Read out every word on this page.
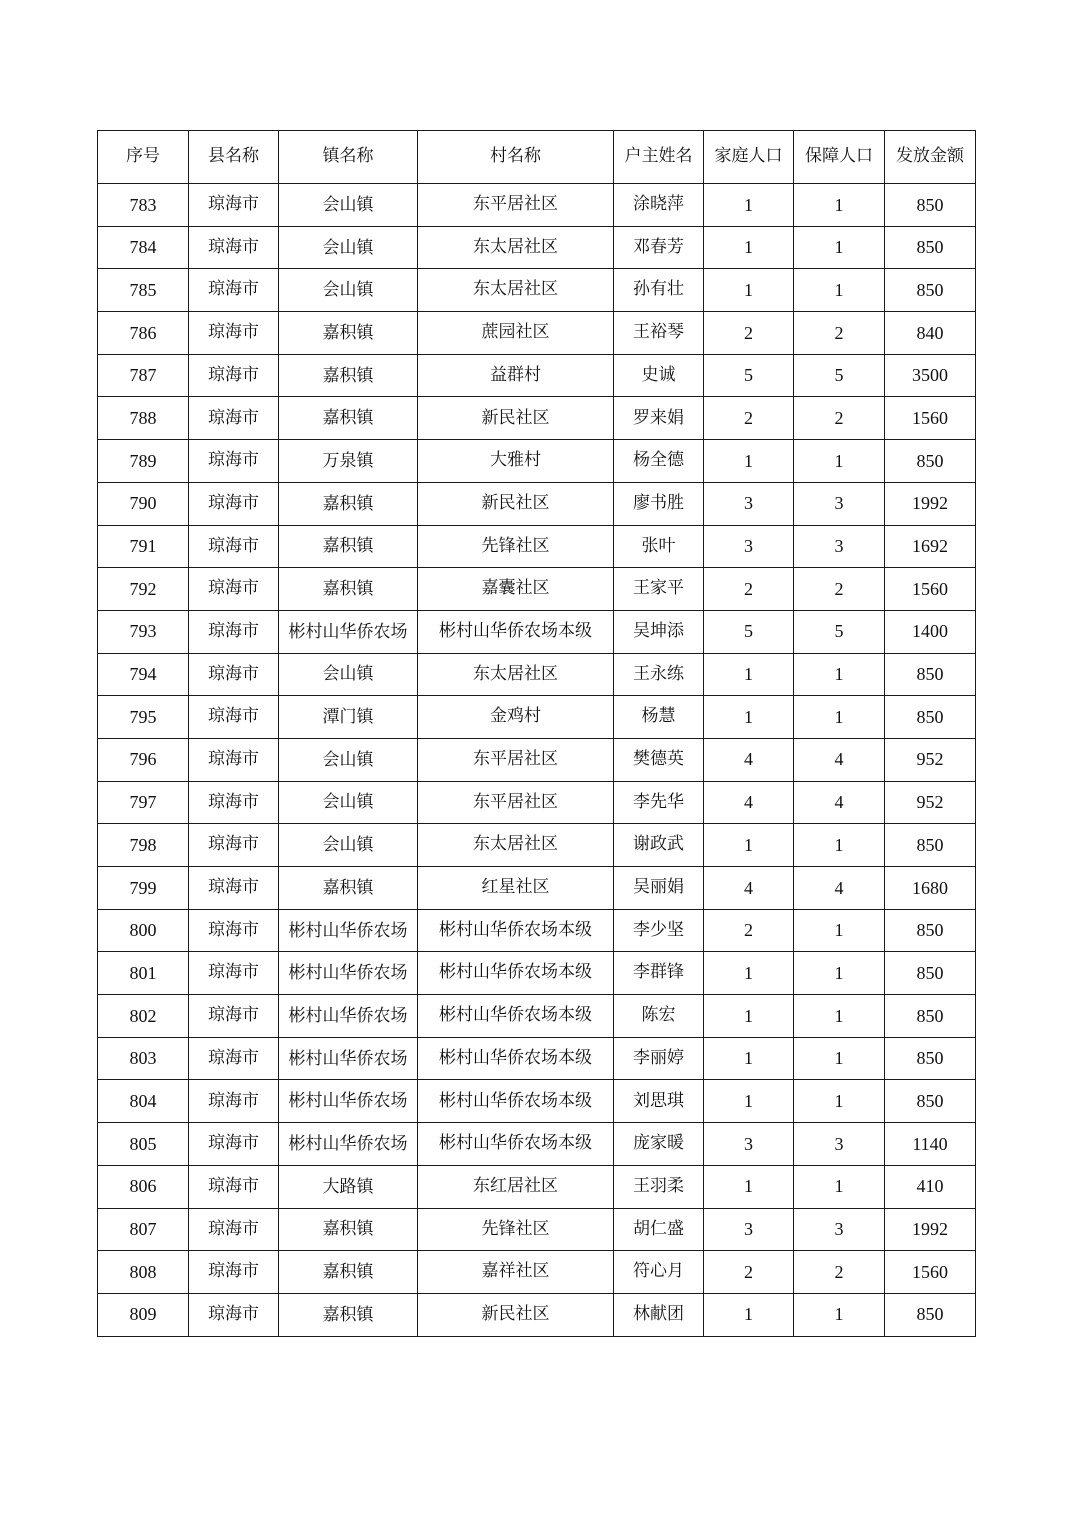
序号	县名称	镇名称	村名称	户主姓名	家庭人口	保障人口	发放金额
783	琼海市	会山镇	东平居社区	涂晓萍	1	1	850
784	琼海市	会山镇	东太居社区	邓春芳	1	1	850
785	琼海市	会山镇	东太居社区	孙有壮	1	1	850
786	琼海市	嘉积镇	蔗园社区	王裕琴	2	2	840
787	琼海市	嘉积镇	益群村	史诚	5	5	3500
788	琼海市	嘉积镇	新民社区	罗来娟	2	2	1560
789	琼海市	万泉镇	大雅村	杨全德	1	1	850
790	琼海市	嘉积镇	新民社区	廖书胜	3	3	1992
791	琼海市	嘉积镇	先锋社区	张叶	3	3	1692
792	琼海市	嘉积镇	嘉囊社区	王家平	2	2	1560
793	琼海市	彬村山华侨农场	彬村山华侨农场本级	吴坤添	5	5	1400
794	琼海市	会山镇	东太居社区	王永练	1	1	850
795	琼海市	潭门镇	金鸡村	杨慧	1	1	850
796	琼海市	会山镇	东平居社区	樊德英	4	4	952
797	琼海市	会山镇	东平居社区	李先华	4	4	952
798	琼海市	会山镇	东太居社区	谢政武	1	1	850
799	琼海市	嘉积镇	红星社区	吴丽娟	4	4	1680
800	琼海市	彬村山华侨农场	彬村山华侨农场本级	李少坚	2	1	850
801	琼海市	彬村山华侨农场	彬村山华侨农场本级	李群锋	1	1	850
802	琼海市	彬村山华侨农场	彬村山华侨农场本级	陈宏	1	1	850
803	琼海市	彬村山华侨农场	彬村山华侨农场本级	李丽婷	1	1	850
804	琼海市	彬村山华侨农场	彬村山华侨农场本级	刘思琪	1	1	850
805	琼海市	彬村山华侨农场	彬村山华侨农场本级	庞家暖	3	3	1140
806	琼海市	大路镇	东红居社区	王羽柔	1	1	410
807	琼海市	嘉积镇	先锋社区	胡仁盛	3	3	1992
808	琼海市	嘉积镇	嘉祥社区	符心月	2	2	1560
809	琼海市	嘉积镇	新民社区	林献团	1	1	850
